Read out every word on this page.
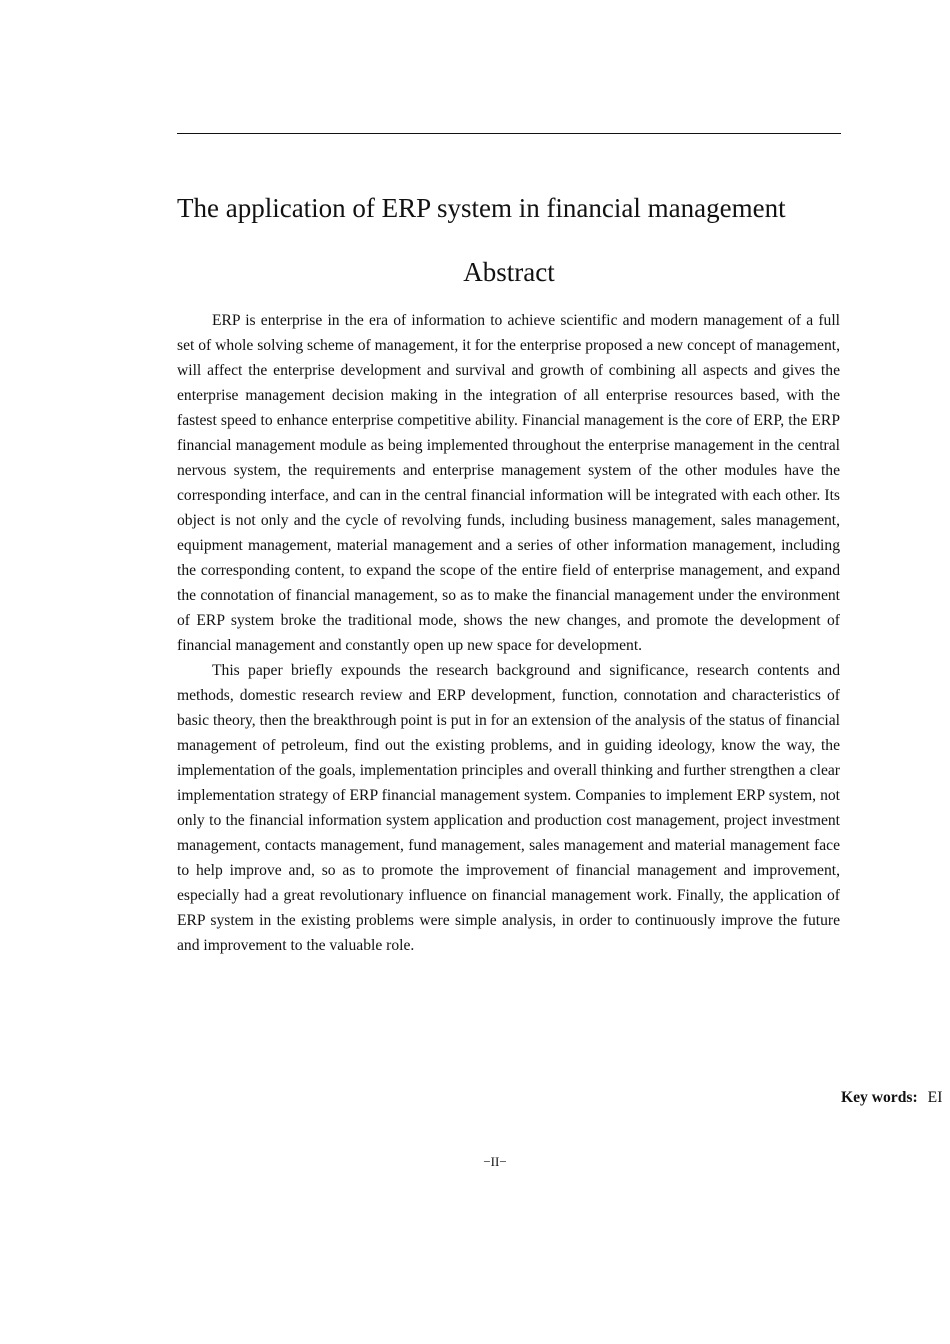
The application of ERP system in financial management
Abstract

ERP is enterprise in the era of information to achieve scientific and modern management of a full set of whole solving scheme of management, it for the enterprise proposed a new concept of management, will affect the enterprise development and survival and growth of combining all aspects and gives the enterprise management decision making in the integration of all enterprise resources based, with the fastest speed to enhance enterprise competitive ability. Financial management is the core of ERP, the ERP financial management module as being implemented throughout the enterprise management in the central nervous system, the requirements and enterprise management system of the other modules have the corresponding interface, and can in the central financial information will be integrated with each other. Its object is not only and the cycle of revolving funds, including business management, sales management, equipment management, material management and a series of other information management, including the corresponding content, to expand the scope of the entire field of enterprise management, and expand the connotation of financial management, so as to make the financial management under the environment of ERP system broke the traditional mode, shows the new changes, and promote the development of financial management and constantly open up new space for development.

This paper briefly expounds the research background and significance, research contents and methods, domestic research review and ERP development, function, connotation and characteristics of basic theory, then the breakthrough point is put in for an extension of the analysis of the status of financial management of petroleum, find out the existing problems, and in guiding ideology, know the way, the implementation of the goals, implementation principles and overall thinking and further strengthen a clear implementation strategy of ERP financial management system. Companies to implement ERP system, not only to the financial information system application and production cost management, project investment management, contacts management, fund management, sales management and material management face to help improve and, so as to promote the improvement of financial management and improvement, especially had a great revolutionary influence on financial management work. Finally, the application of ERP system in the existing problems were simple analysis, in order to continuously improve the future and improvement to the valuable role.

Key words: EI
−II−
